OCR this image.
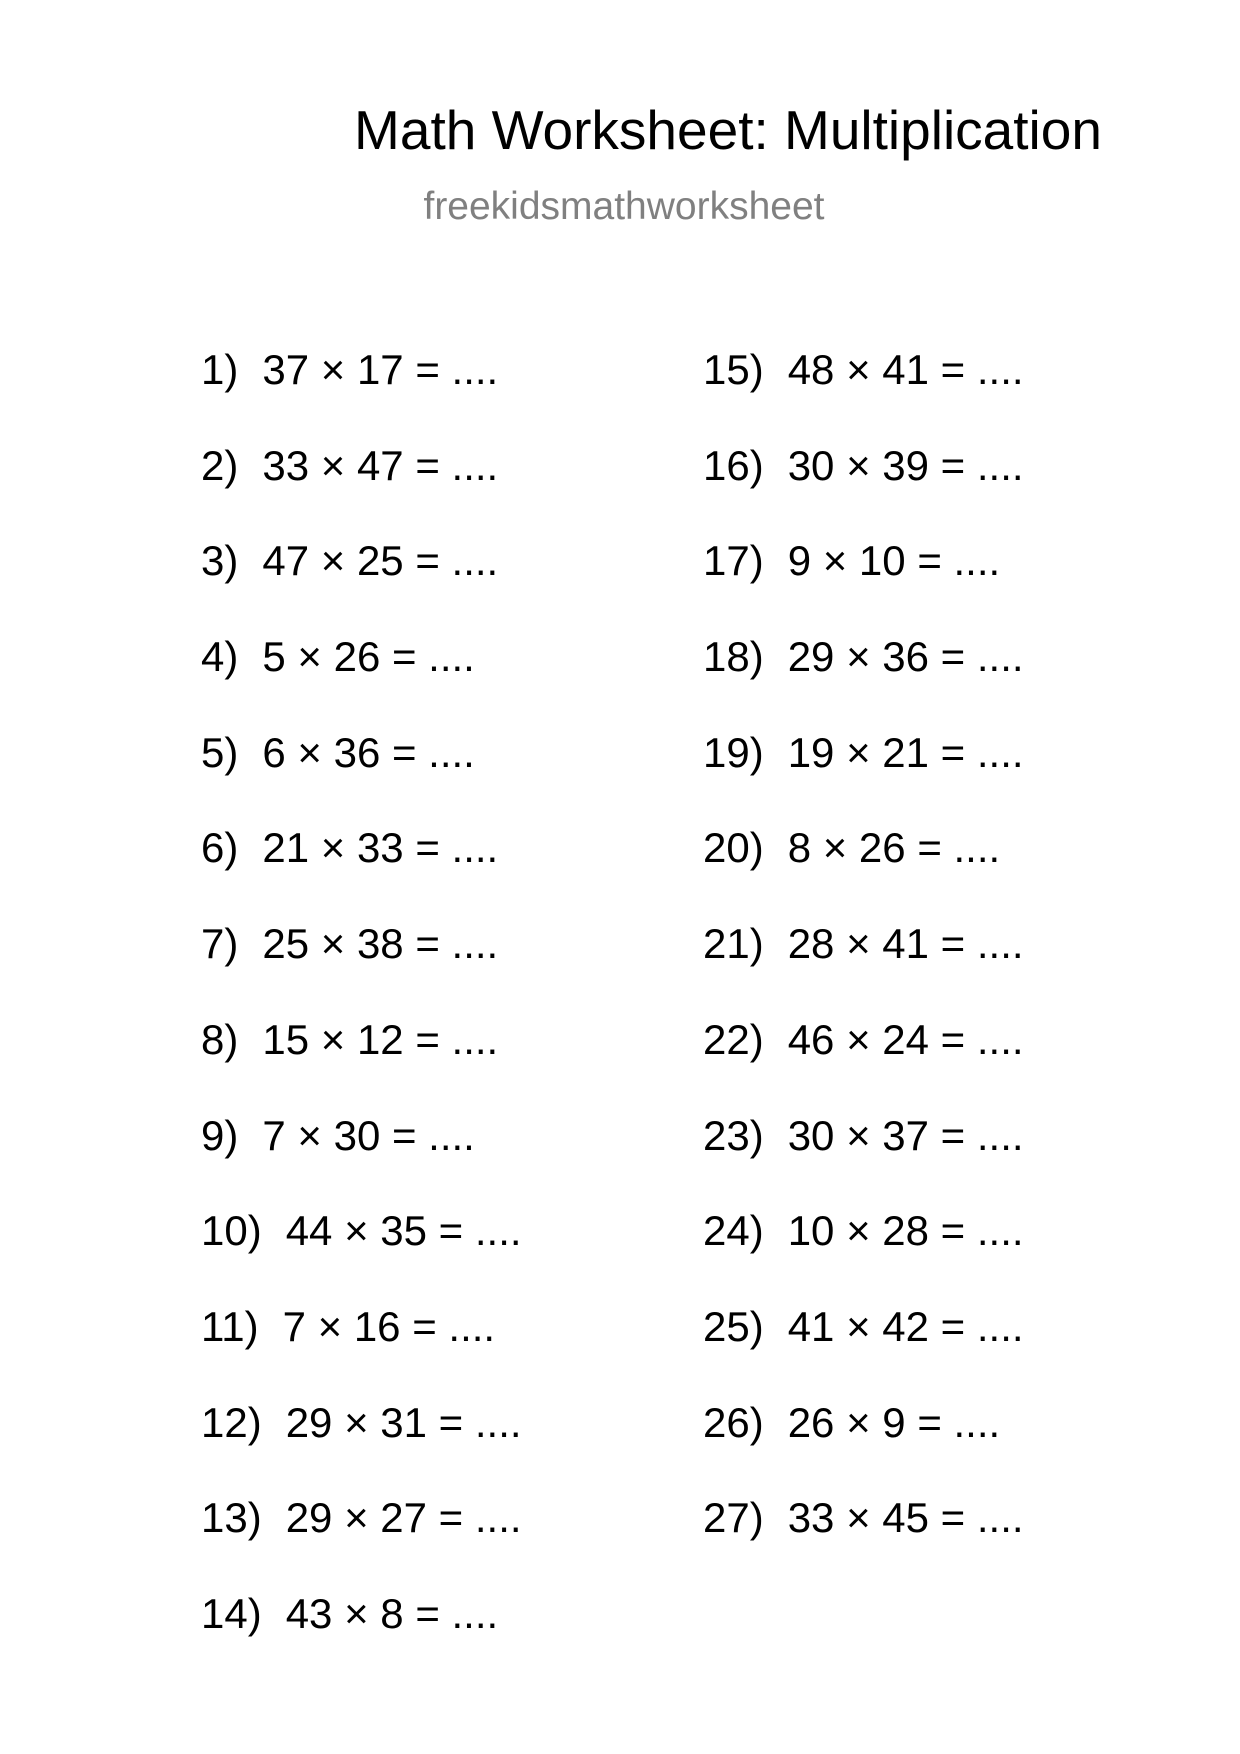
Math Worksheet: Multiplication
freekidsmathworksheet
1) 37 × 17 = ....
2) 33 × 47 = ....
3) 47 × 25 = ....
4) 5 × 26 = ....
5) 6 × 36 = ....
6) 21 × 33 = ....
7) 25 × 38 = ....
8) 15 × 12 = ....
9) 7 × 30 = ....
10) 44 × 35 = ....
11) 7 × 16 = ....
12) 29 × 31 = ....
13) 29 × 27 = ....
14) 43 × 8 = ....
15) 48 × 41 = ....
16) 30 × 39 = ....
17) 9 × 10 = ....
18) 29 × 36 = ....
19) 19 × 21 = ....
20) 8 × 26 = ....
21) 28 × 41 = ....
22) 46 × 24 = ....
23) 30 × 37 = ....
24) 10 × 28 = ....
25) 41 × 42 = ....
26) 26 × 9 = ....
27) 33 × 45 = ....
